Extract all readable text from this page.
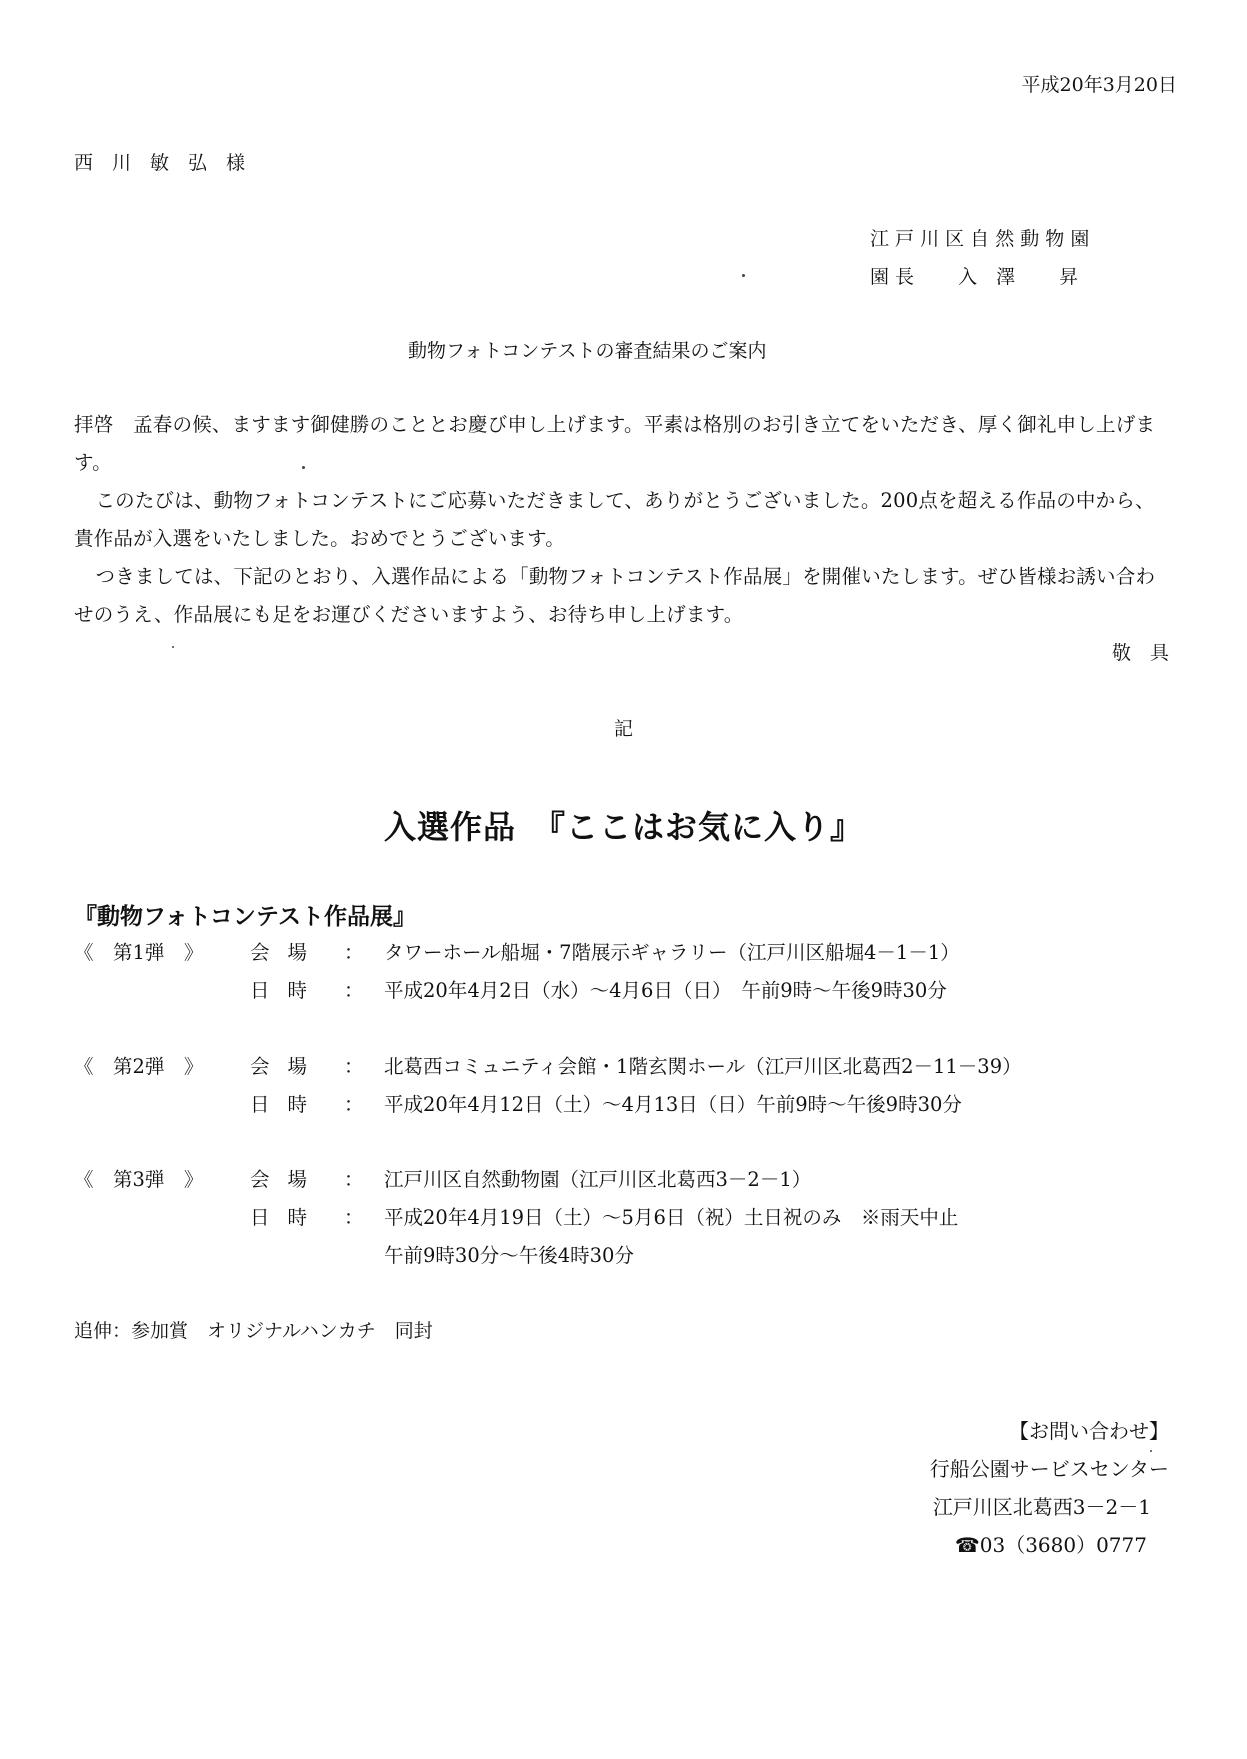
平成20年3月20日
西　川　敏　弘　様
江 戸 川 区 自 然 動 物 園
園 長　　 入　澤　　 昇
動物フォトコンテストの審査結果のご案内

拝啓　孟春の候、ますます御健勝のこととお慶び申し上げます。平素は格別のお引き立てをいただき、厚く御礼申し上げます。

このたびは、動物フォトコンテストにご応募いただきまして、ありがとうございました。200点を超える作品の中から、貴作品が入選をいたしました。おめでとうございます。

つきましては、下記のとおり、入選作品による「動物フォトコンテスト作品展」を開催いたします。ぜひ皆様お誘い合わせのうえ、作品展にも足をお運びくださいますよう、お待ち申し上げます。

敬　具
記
入選作品　『ここはお気に入り』
『動物フォトコンテスト作品展』
《　第1弾　》 会場 ： タワーホール船堀・7階展示ギャラリー（江戸川区船堀4－1－1）
日時 ： 平成20年4月2日（水）～4月6日（日）　午前9時～午後9時30分
《　第2弾　》 会場 ： 北葛西コミュニティ会館・1階玄関ホール（江戸川区北葛西2－11－39）
日時 ： 平成20年4月12日（土）～4月13日（日）午前9時～午後9時30分
《　第3弾　》 会場 ： 江戸川区自然動物園（江戸川区北葛西3－2－1）
日時 ： 平成20年4月19日（土）～5月6日（祝）土日祝のみ　※雨天中止
午前9時30分～午後4時30分
追伸：参加賞　オリジナルハンカチ　同封
【お問い合わせ】
行船公園サービスセンター
江戸川区北葛西3－2－1
☎03（3680）0777
